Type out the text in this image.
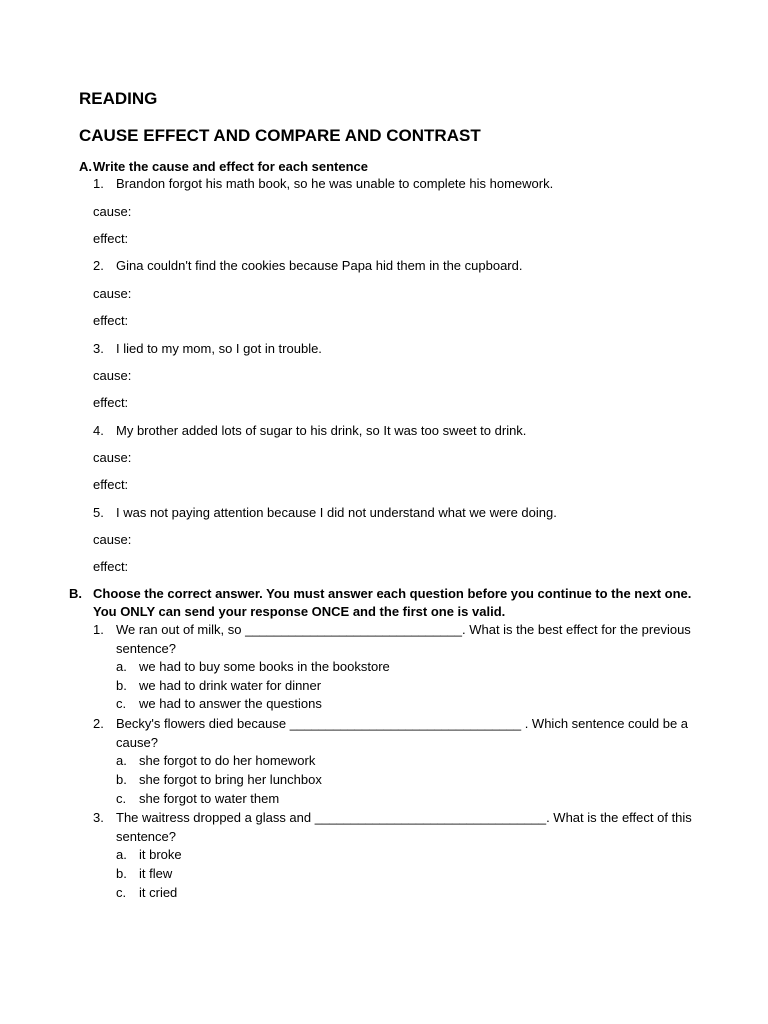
READING
CAUSE EFFECT AND COMPARE AND CONTRAST
A. Write the cause and effect for each sentence
1. Brandon forgot his math book, so he was unable to complete his homework.
cause:
effect:
2. Gina couldn't find the cookies because Papa hid them in the cupboard.
cause:
effect:
3. I lied to my mom, so I got in trouble.
cause:
effect:
4. My brother added lots of sugar to his drink, so It was too sweet to drink.
cause:
effect:
5. I was not paying attention because I did not understand what we were doing.
cause:
effect:
B. Choose the correct answer. You must answer each question before you continue to the next one.
You ONLY can send your response ONCE and the first one is valid.
1. We ran out of milk, so ______________________________. What is the best effect for the previous
sentence?
a. we had to buy some books in the bookstore
b. we had to drink water for dinner
c. we had to answer the questions
2. Becky's flowers died because ________________________________ . Which sentence could be a
cause?
a. she forgot to do her homework
b. she forgot to bring her lunchbox
c. she forgot to water them
3. The waitress dropped a glass and ________________________________. What is the effect of this
sentence?
a. it broke
b. it flew
c. it cried
